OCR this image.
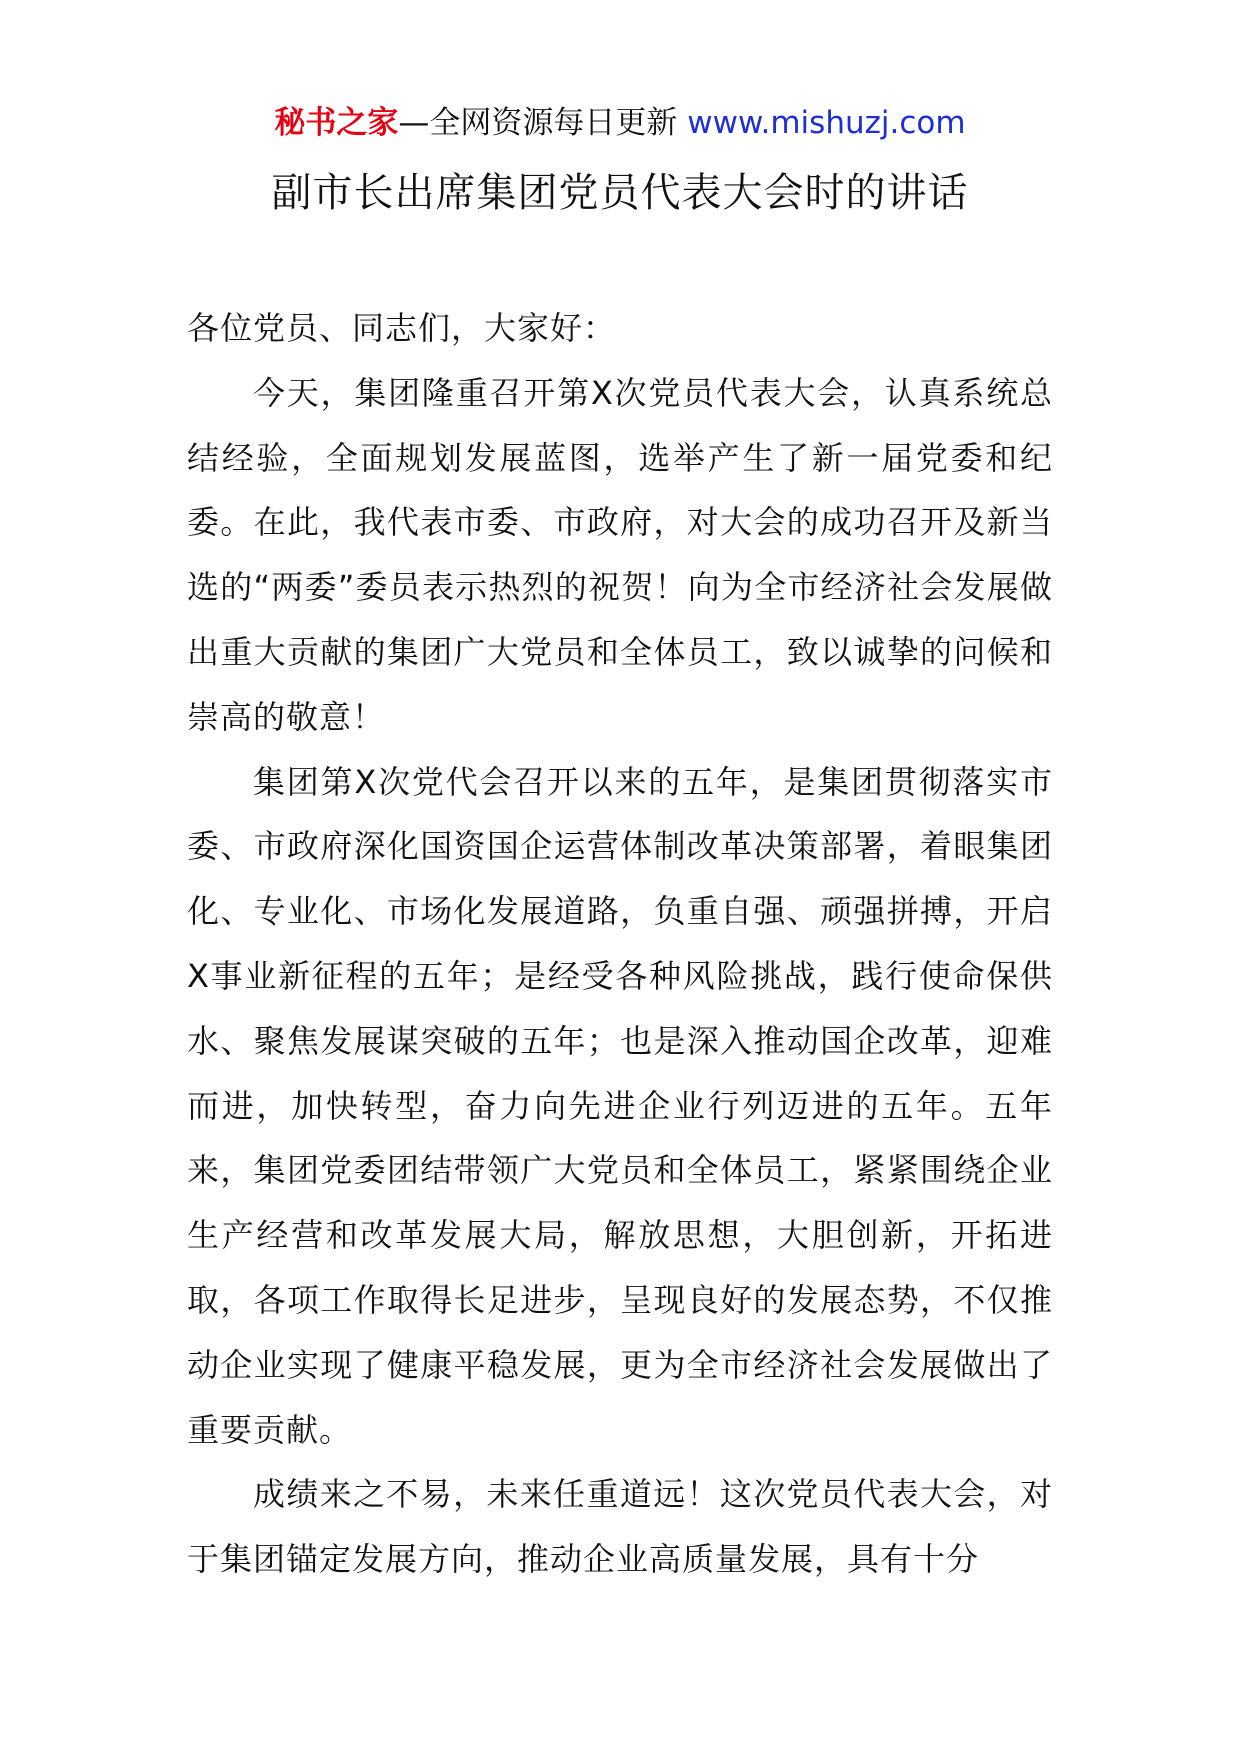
秘书之家—全网资源每日更新 www.mishuzj.com
副市长出席集团党员代表大会时的讲话

各位党员、同志们，大家好：

今天，集团隆重召开第X次党员代表大会，认真系统总结经验，全面规划发展蓝图，选举产生了新一届党委和纪委。在此，我代表市委、市政府，对大会的成功召开及新当选的“两委”委员表示热烈的祝贺！向为全市经济社会发展做出重大贡献的集团广大党员和全体员工，致以诚挚的问候和崇高的敬意！

集团第X次党代会召开以来的五年，是集团贯彻落实市委、市政府深化国资国企运营体制改革决策部署，着眼集团化、专业化、市场化发展道路，负重自强、顽强拼搏，开启X事业新征程的五年；是经受各种风险挑战，践行使命保供水、聚焦发展谋突破的五年；也是深入推动国企改革，迎难而进，加快转型，奋力向先进企业行列迈进的五年。五年来，集团党委团结带领广大党员和全体员工，紧紧围绕企业生产经营和改革发展大局，解放思想，大胆创新，开拓进取，各项工作取得长足进步，呈现良好的发展态势，不仅推动企业实现了健康平稳发展，更为全市经济社会发展做出了重要贡献。

成绩来之不易，未来任重道远！这次党员代表大会，对于集团锚定发展方向，推动企业高质量发展，具有十分
